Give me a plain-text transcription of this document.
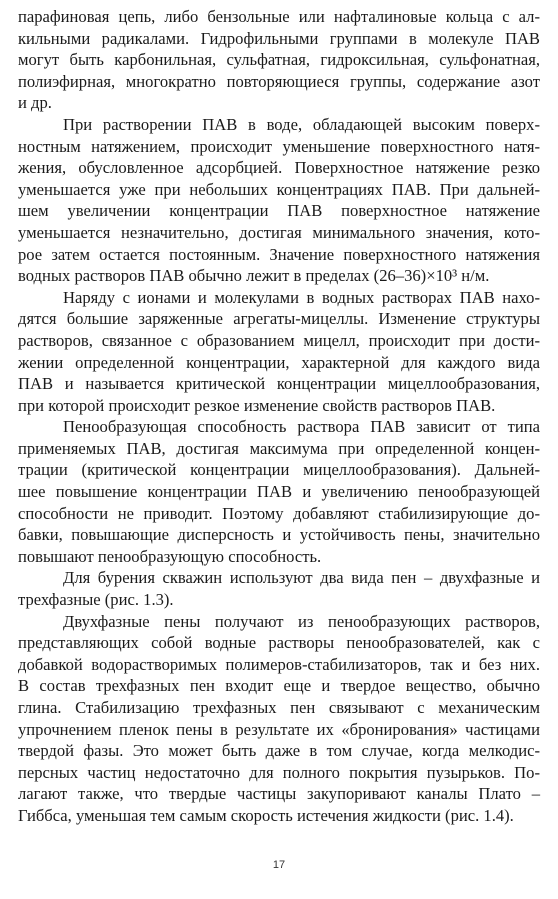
парафиновая цепь, либо бензольные или нафталиновые кольца с ал-
кильными радикалами. Гидрофильными группами в молекуле ПАВ
могут быть карбонильная, сульфатная, гидроксильная, сульфонатная,
полиэфирная, многократно повторяющиеся группы, содержание азот
и др.
При растворении ПАВ в воде, обладающей высоким поверх-
ностным натяжением, происходит уменьшение поверхностного натя-
жения, обусловленное адсорбцией. Поверхностное натяжение резко
уменьшается уже при небольших концентрациях ПАВ. При дальней-
шем увеличении концентрации ПАВ поверхностное натяжение
уменьшается незначительно, достигая минимального значения, кото-
рое затем остается постоянным. Значение поверхностного натяжения
водных растворов ПАВ обычно лежит в пределах (26–36)×10³ н/м.
Наряду с ионами и молекулами в водных растворах ПАВ нахо-
дятся большие заряженные агрегаты-мицеллы. Изменение структуры
растворов, связанное с образованием мицелл, происходит при дости-
жении определенной концентрации, характерной для каждого вида
ПАВ и называется критической концентрации мицеллообразования,
при которой происходит резкое изменение свойств растворов ПАВ.
Пенообразующая способность раствора ПАВ зависит от типа
применяемых ПАВ, достигая максимума при определенной концен-
трации (критической концентрации мицеллообразования). Дальней-
шее повышение концентрации ПАВ и увеличению пенообразующей
способности не приводит. Поэтому добавляют стабилизирующие до-
бавки, повышающие дисперсность и устойчивость пены, значительно
повышают пенообразующую способность.
Для бурения скважин используют два вида пен – двухфазные и
трехфазные (рис. 1.3).
Двухфазные пены получают из пенообразующих растворов,
представляющих собой водные растворы пенообразователей, как с
добавкой водорастворимых полимеров-стабилизаторов, так и без них.
В состав трехфазных пен входит еще и твердое вещество, обычно
глина. Стабилизацию трехфазных пен связывают с механическим
упрочнением пленок пены в результате их «бронирования» частицами
твердой фазы. Это может быть даже в том случае, когда мелкодис-
персных частиц недостаточно для полного покрытия пузырьков. По-
лагают также, что твердые частицы закупоривают каналы Плато –
Гиббса, уменьшая тем самым скорость истечения жидкости (рис. 1.4).
17
